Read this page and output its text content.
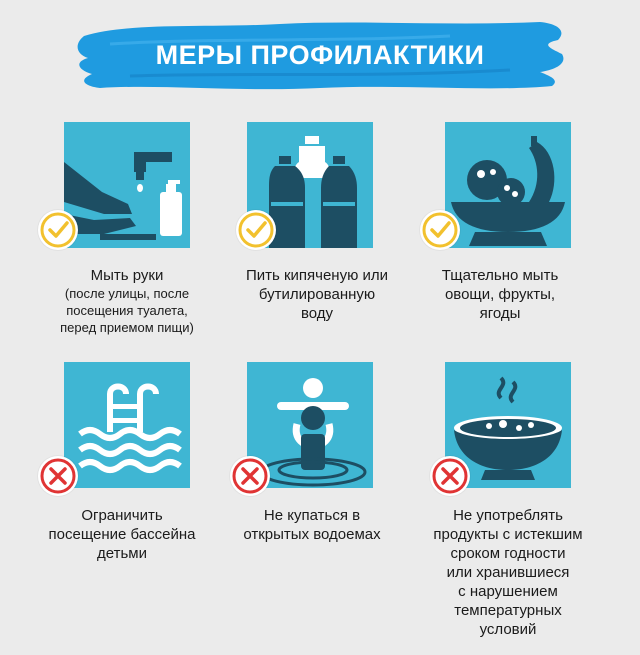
МЕРЫ ПРОФИЛАКТИКИ
Мыть руки
(после улицы, после
посещения туалета,
перед приемом пищи)
Пить кипяченую или
бутилированную
воду
Тщательно мыть
овощи, фрукты,
ягоды
Ограничить
посещение бассейна
детьми
Не купаться в
открытых водоемах
Не употреблять
продукты с истекшим
сроком годности
или хранившиеся
с нарушением
температурных
условий
